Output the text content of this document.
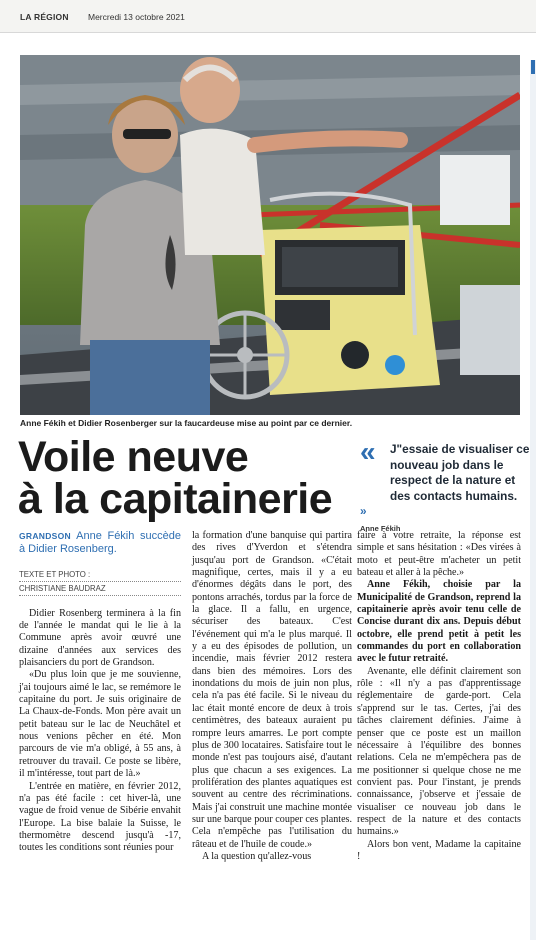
LA RÉGION Mercredi 13 octobre 2021
Anne Fékih et Didier Rosenberger sur la faucardeuse mise au point par ce dernier.
Voile neuve
à la capitainerie
«	J"essaie de visualiser ce nouveau job dans le respect de la nature et des contacts humains.
»
Anne Fékih
GRANDSON Anne Fékih succède à Didier Rosenberg.
TEXTE ET PHOTO :
CHRISTIANE BAUDRAZ

Didier Rosenberg terminera à la fin de l'année le mandat qui le lie à la Commune après avoir œuvré une dizaine d'années aux services des plaisanciers du port de Grandson.

«Du plus loin que je me souvienne, j'ai toujours aimé le lac, se remémore le capitaine du port. Je suis originaire de La Chaux-de-Fonds. Mon père avait un petit bateau sur le lac de Neuchâtel et nous venions pêcher en été. Mon parcours de vie m'a obligé, à 55 ans, à retrouver du travail. Ce poste se libère, il m'intéresse, tout part de là.»

L'entrée en matière, en février 2012, n'a pas été facile : cet hiver-là, une vague de froid venue de Sibérie envahit l'Europe. La bise balaie la Suisse, le thermomètre descend jusqu'à -17, toutes les conditions sont réunies pour

la formation d'une banquise qui partira des rives d'Yverdon et s'étendra jusqu'au port de Grandson. «C'était magnifique, certes, mais il y a eu d'énormes dégâts dans le port, des pontons arrachés, tordus par la force de la glace. Il a fallu, en urgence, sécuriser des bateaux. C'est l'événement qui m'a le plus marqué. Il y a eu des épisodes de pollution, un incendie, mais février 2012 restera dans bien des mémoires. Lors des inondations du mois de juin non plus, cela n'a pas été facile. Si le niveau du lac était monté encore de deux à trois centimètres, des bateaux auraient pu rompre leurs amarres. Le port compte plus de 300 locataires. Satisfaire tout le monde n'est pas toujours aisé, d'autant plus que chacun a ses exigences. La prolifération des plantes aquatiques est souvent au centre des récriminations. Mais j'ai construit une machine montée sur une barque pour couper ces plantes. Cela n'empêche pas l'utilisation du râteau et de l'huile de coude.»

A la question qu'allez-vous

faire à votre retraite, la réponse est simple et sans hésitation : «Des virées à moto et peut-être m'acheter un petit bateau et aller à la pêche.»

Anne Fékih, choisie par la Municipalité de Grandson, reprend la capitainerie après avoir tenu celle de Concise durant dix ans. Depuis début octobre, elle prend petit à petit les commandes du port en collaboration avec le futur retraité.

Avenante, elle définit clairement son rôle : «Il n'y a pas d'apprentissage réglementaire de garde-port. Cela s'apprend sur le tas. Certes, j'ai des tâches clairement définies. J'aime à penser que ce poste est un maillon nécessaire à l'équilibre des bonnes relations. Cela ne m'empêchera pas de me positionner si quelque chose ne me convient pas. Pour l'instant, je prends connaissance, j'observe et j'essaie de visualiser ce nouveau job dans le respect de la nature et des contacts humains.»

Alors bon vent, Madame la capitaine !
